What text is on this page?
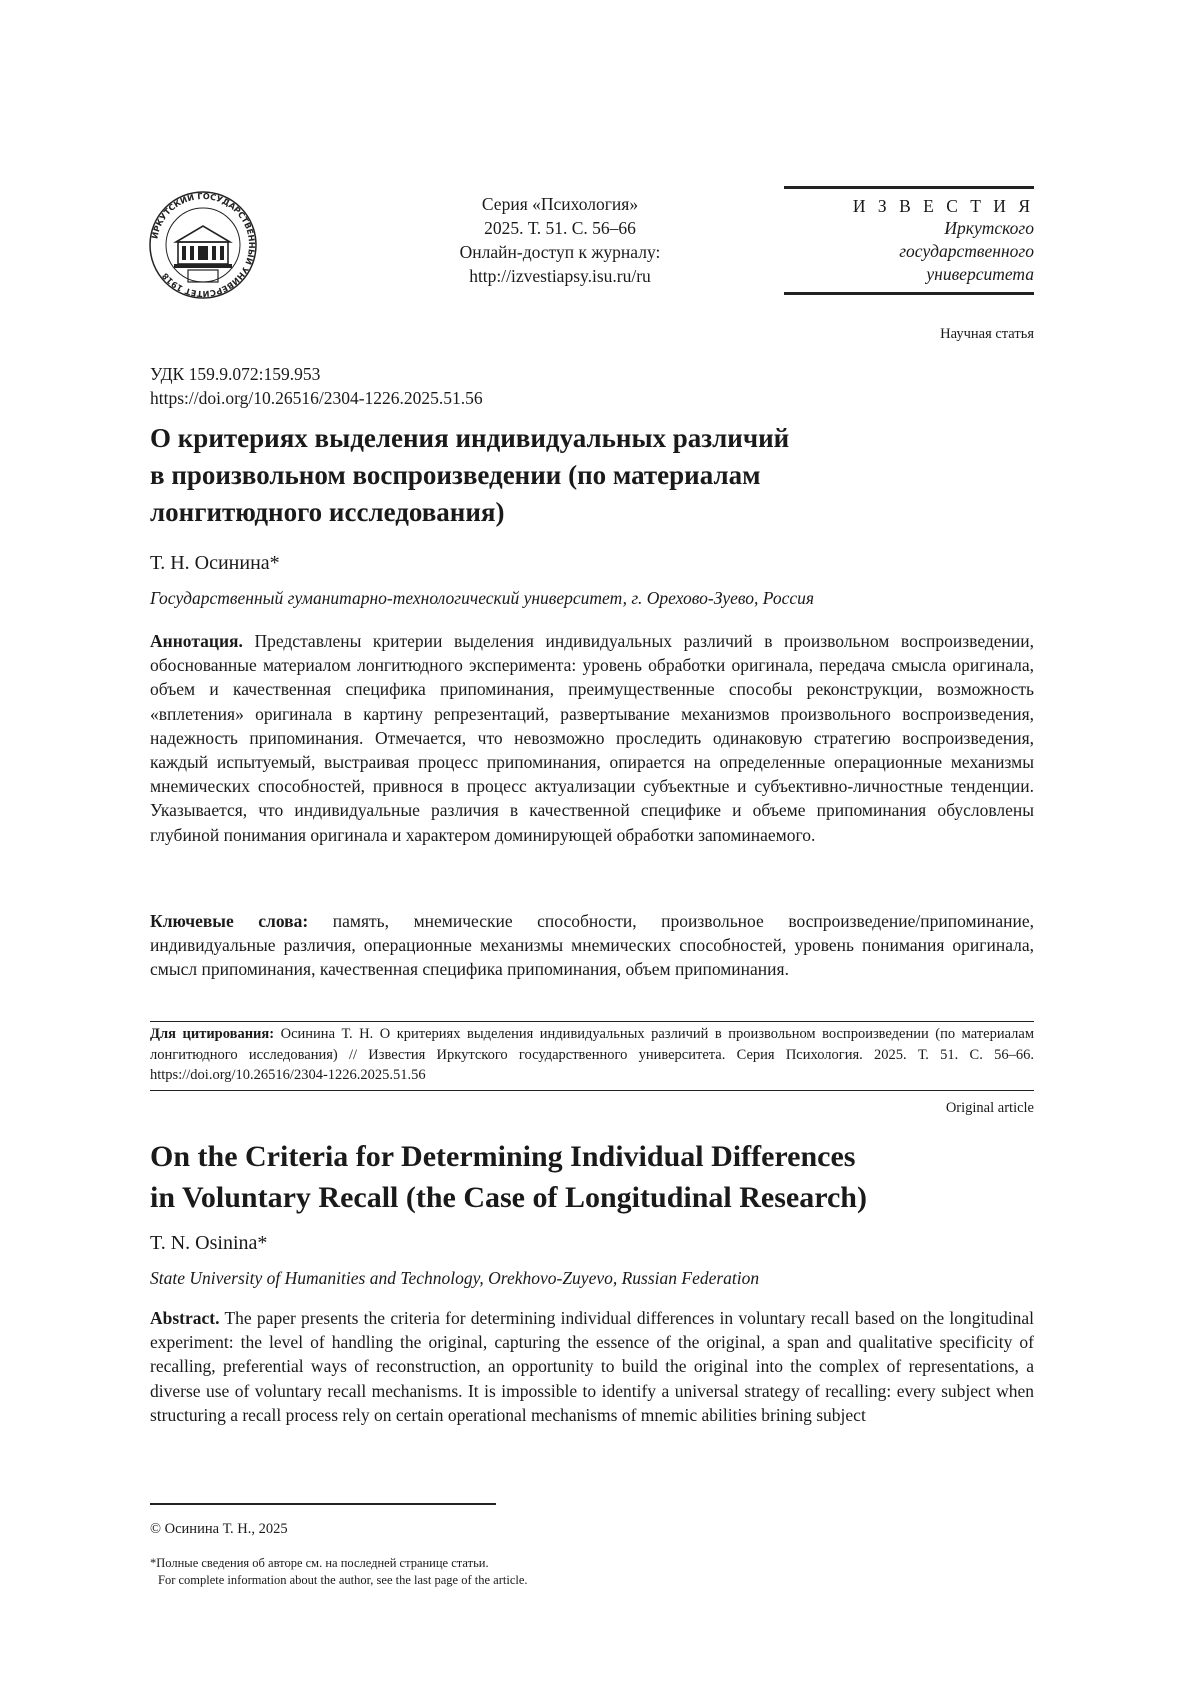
ИРКУТСКИЙ ГОСУДАРСТВЕННЫЙ УНИВЕРСИТЕТ 1918
Серия «Психология»
2025. Т. 51. С. 56–66
Онлайн-доступ к журналу:
http://izvestiapsy.isu.ru/ru
И З В Е С Т И Я
Иркутского
государственного
университета
Научная статья
УДК 159.9.072:159.953
https://doi.org/10.26516/2304-1226.2025.51.56
О критериях выделения индивидуальных различий
в произвольном воспроизведении (по материалам
лонгитюдного исследования)
Т. Н. Осинина*
Государственный гуманитарно-технологический университет, г. Орехово-Зуево, Россия
Аннотация. Представлены критерии выделения индивидуальных различий в произвольном воспроизведении, обоснованные материалом лонгитюдного эксперимента: уровень обработки оригинала, передача смысла оригинала, объем и качественная специфика припоминания, преимущественные способы реконструкции, возможность «вплетения» оригинала в картину репрезентаций, развертывание механизмов произвольного воспроизведения, надежность припоминания. Отмечается, что невозможно проследить одинаковую стратегию воспроизведения, каждый испытуемый, выстраивая процесс припоминания, опирается на определенные операционные механизмы мнемических способностей, привнося в процесс актуализации субъектные и субъективно-личностные тенденции. Указывается, что индивидуальные различия в качественной специфике и объеме припоминания обусловлены глубиной понимания оригинала и характером доминирующей обработки запоминаемого.
Ключевые слова: память, мнемические способности, произвольное воспроизведение/припоминание, индивидуальные различия, операционные механизмы мнемических способностей, уровень понимания оригинала, смысл припоминания, качественная специфика припоминания, объем припоминания.
Для цитирования: Осинина Т. Н. О критериях выделения индивидуальных различий в произвольном воспроизведении (по материалам лонгитюдного исследования) // Известия Иркутского государственного университета. Серия Психология. 2025. Т. 51. С. 56–66. https://doi.org/10.26516/2304-1226.2025.51.56
Original article
On the Criteria for Determining Individual Differences
in Voluntary Recall (the Case of Longitudinal Research)
T. N. Osinina*
State University of Humanities and Technology, Orekhovo-Zuyevo, Russian Federation
Abstract. The paper presents the criteria for determining individual differences in voluntary recall based on the longitudinal experiment: the level of handling the original, capturing the essence of the original, a span and qualitative specificity of recalling, preferential ways of reconstruction, an opportunity to build the original into the complex of representations, a diverse use of voluntary recall mechanisms. It is impossible to identify a universal strategy of recalling: every subject when structuring a recall process rely on certain operational mechanisms of mnemic abilities brining subject
© Осинина Т. Н., 2025
*Полные сведения об авторе см. на последней странице статьи.
For complete information about the author, see the last page of the article.
